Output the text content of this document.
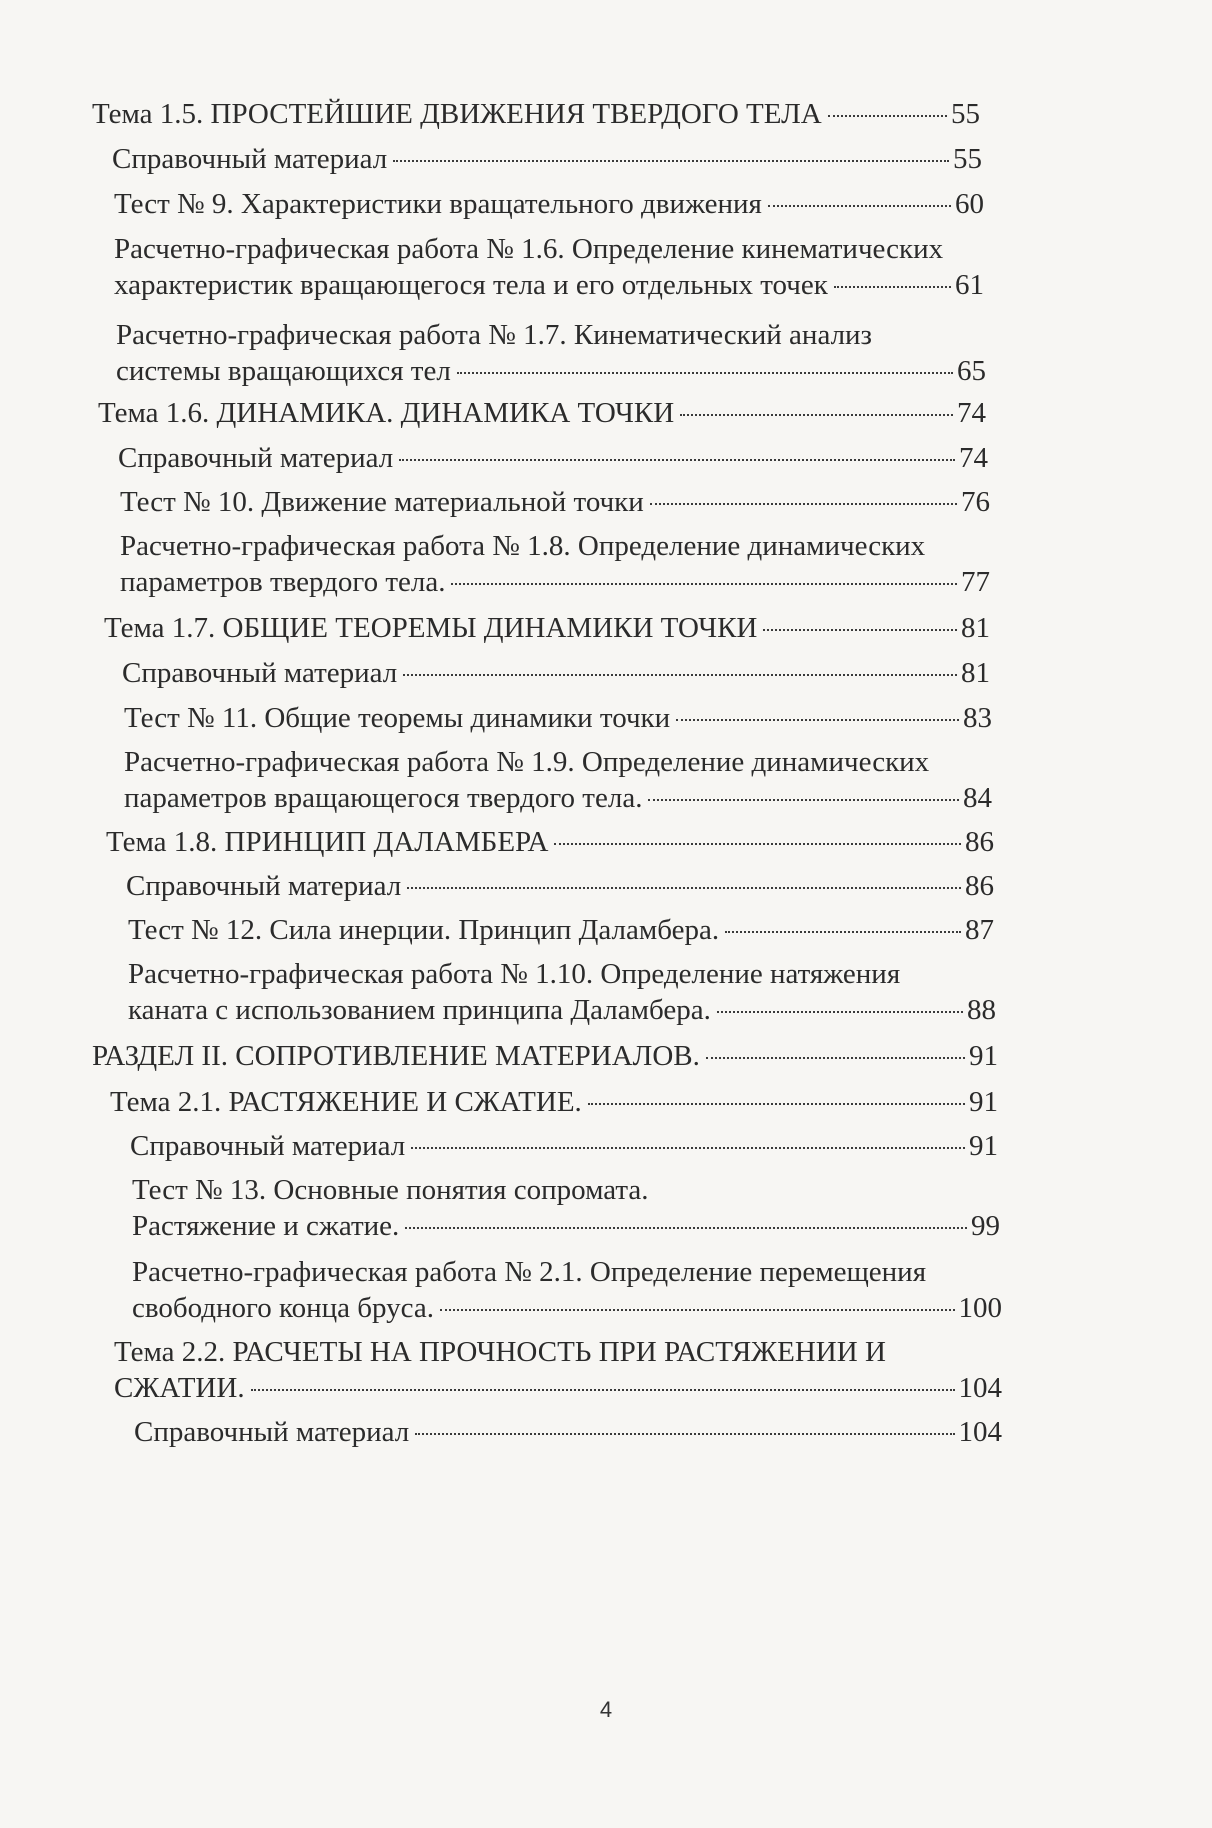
Тема 1.5. ПРОСТЕЙШИЕ ДВИЖЕНИЯ ТВЕРДОГО ТЕЛА	55
Справочный материал	55
Тест № 9. Характеристики вращательного движения	60
Расчетно-графическая работа № 1.6. Определение кинематических
характеристик вращающегося тела и его отдельных точек	61
Расчетно-графическая работа № 1.7. Кинематический анализ
системы вращающихся тел	65
Тема 1.6. ДИНАМИКА. ДИНАМИКА ТОЧКИ	74
Справочный материал	74
Тест № 10. Движение материальной точки	76
Расчетно-графическая работа № 1.8. Определение динамических
параметров твердого тела.	77
Тема 1.7. ОБЩИЕ ТЕОРЕМЫ ДИНАМИКИ ТОЧКИ	81
Справочный материал	81
Тест № 11. Общие теоремы динамики точки	83
Расчетно-графическая работа № 1.9. Определение динамических
параметров вращающегося твердого тела.	84
Тема 1.8. ПРИНЦИП ДАЛАМБЕРА	86
Справочный материал	86
Тест № 12. Сила инерции. Принцип Даламбера.	87
Расчетно-графическая работа № 1.10. Определение натяжения
каната с использованием принципа Даламбера.	88
РАЗДЕЛ II. СОПРОТИВЛЕНИЕ МАТЕРИАЛОВ.	91
Тема 2.1. РАСТЯЖЕНИЕ И СЖАТИЕ.	91
Справочный материал	91
Тест № 13. Основные понятия сопромата.
Растяжение и сжатие.	99
Расчетно-графическая работа № 2.1. Определение перемещения
свободного конца бруса.	100
Тема 2.2. РАСЧЕТЫ НА ПРОЧНОСТЬ ПРИ РАСТЯЖЕНИИ И
СЖАТИИ.	104
Справочный материал	104
4
